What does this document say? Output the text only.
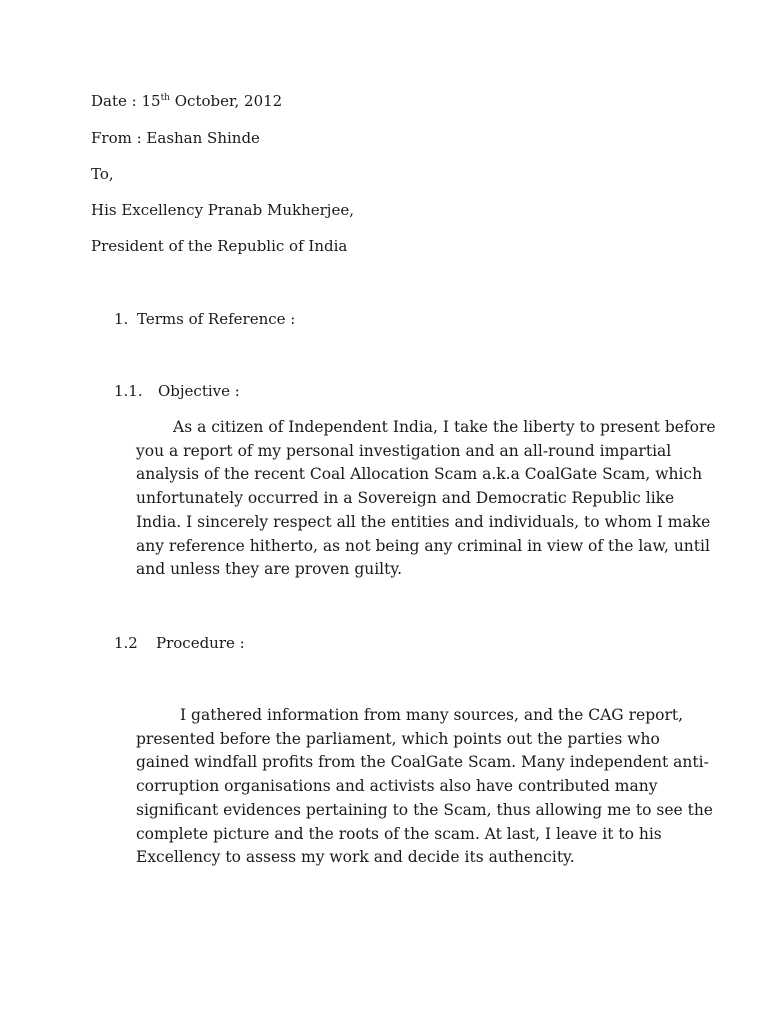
Date : 15th October, 2012
From : Eashan Shinde
To,
His Excellency Pranab Mukherjee,
President of the Republic of India
1. Terms of Reference :
1.1. Objective :
As a citizen of Independent India, I take the liberty to present before
you a report of my personal investigation and an all-round impartial
analysis of the recent Coal Allocation Scam a.k.a CoalGate Scam, which
unfortunately occurred in a Sovereign and Democratic Republic like
India. I sincerely respect all the entities and individuals, to whom I make
any reference hitherto, as not being any criminal in view of the law, until
and unless they are proven guilty.
1.2 Procedure :
I gathered information from many sources, and the CAG report,
presented before the parliament, which points out the parties who
gained windfall profits from the CoalGate Scam. Many independent anti-
corruption organisations and activists also have contributed many
significant evidences pertaining to the Scam, thus allowing me to see the
complete picture and the roots of the scam. At last, I leave it to his
Excellency to assess my work and decide its authencity.
